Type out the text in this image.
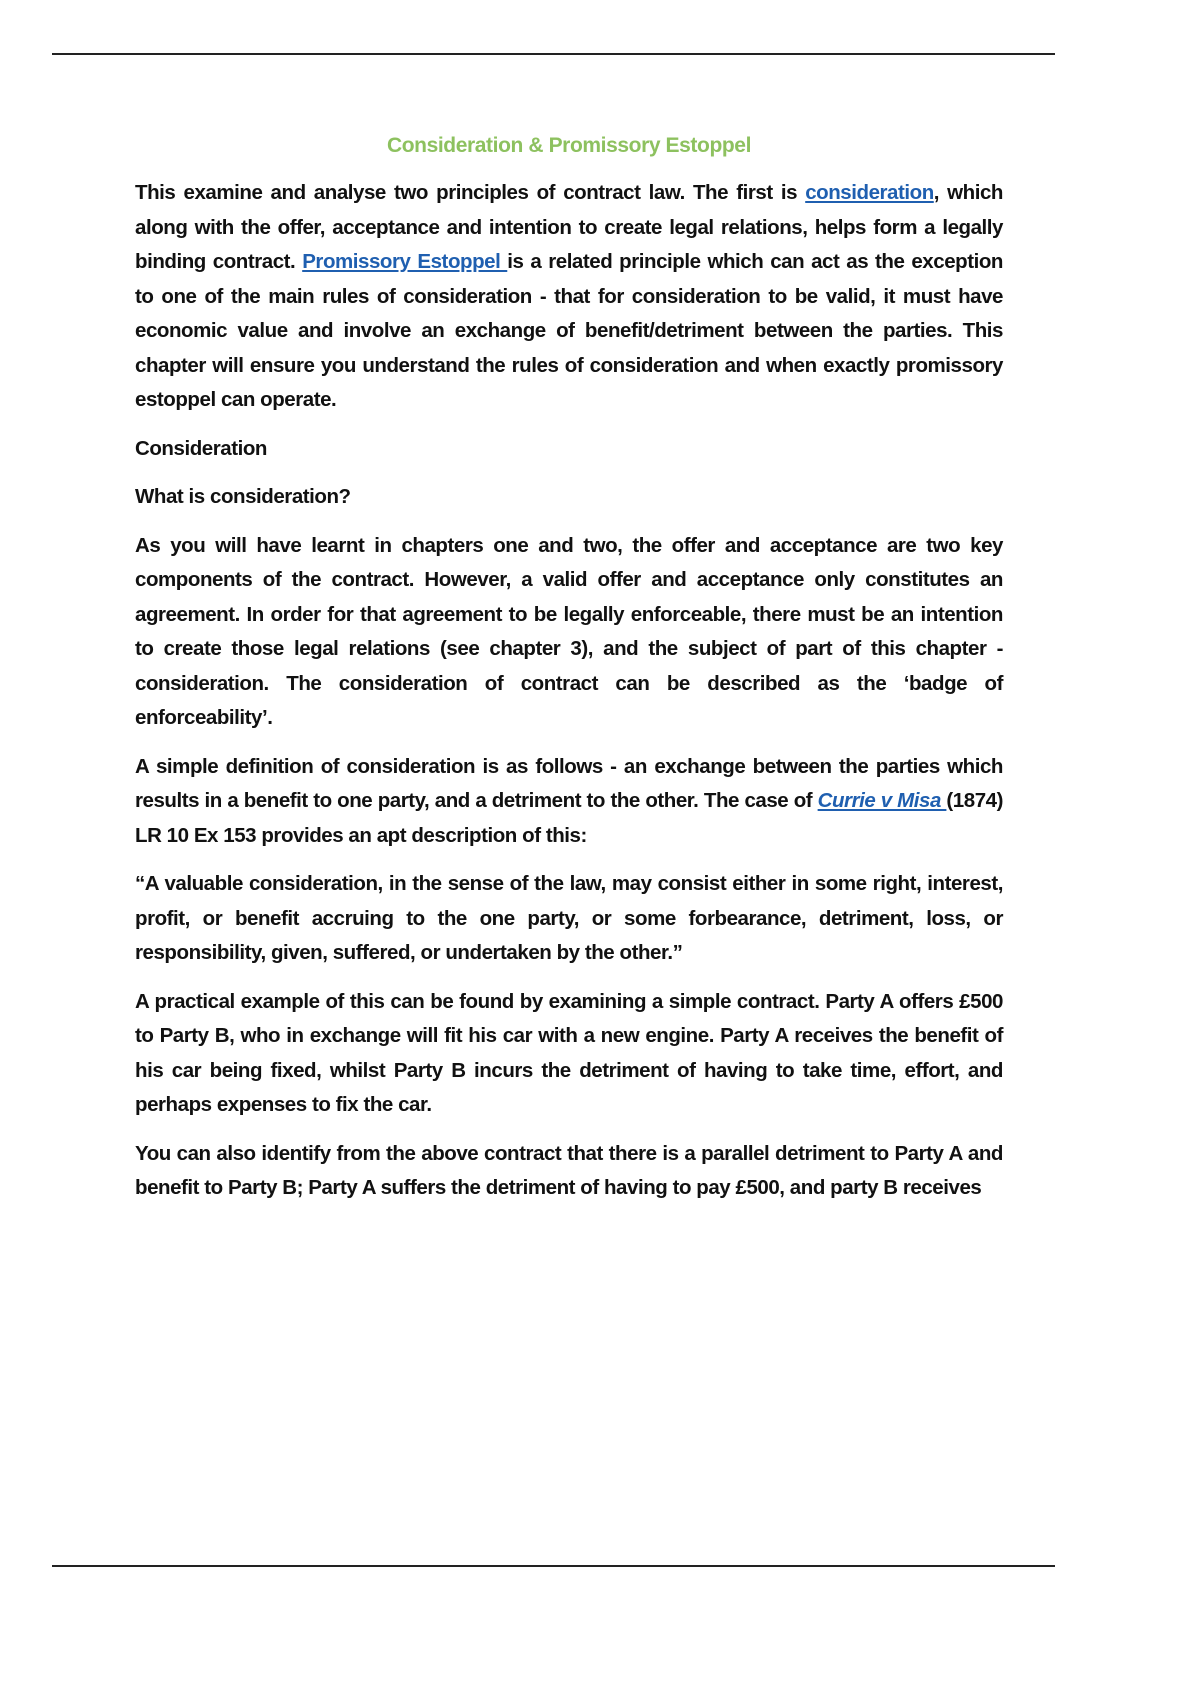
Consideration & Promissory Estoppel

This examine and analyse two principles of contract law. The first is consideration, which along with the offer, acceptance and intention to create legal relations, helps form a legally binding contract. Promissory Estoppel is a related principle which can act as the exception to one of the main rules of consideration - that for consideration to be valid, it must have economic value and involve an exchange of benefit/detriment between the parties. This chapter will ensure you understand the rules of consideration and when exactly promissory estoppel can operate.

Consideration

What is consideration?

As you will have learnt in chapters one and two, the offer and acceptance are two key components of the contract. However, a valid offer and acceptance only constitutes an agreement. In order for that agreement to be legally enforceable, there must be an intention to create those legal relations (see chapter 3), and the subject of part of this chapter - consideration. The consideration of contract can be described as the ‘badge of enforceability’.

A simple definition of consideration is as follows - an exchange between the parties which results in a benefit to one party, and a detriment to the other. The case of Currie v Misa (1874) LR 10 Ex 153 provides an apt description of this:

“A valuable consideration, in the sense of the law, may consist either in some right, interest, profit, or benefit accruing to the one party, or some forbearance, detriment, loss, or responsibility, given, suffered, or undertaken by the other.”

A practical example of this can be found by examining a simple contract. Party A offers £500 to Party B, who in exchange will fit his car with a new engine. Party A receives the benefit of his car being fixed, whilst Party B incurs the detriment of having to take time, effort, and perhaps expenses to fix the car.

You can also identify from the above contract that there is a parallel detriment to Party A and benefit to Party B; Party A suffers the detriment of having to pay £500, and party B receives
